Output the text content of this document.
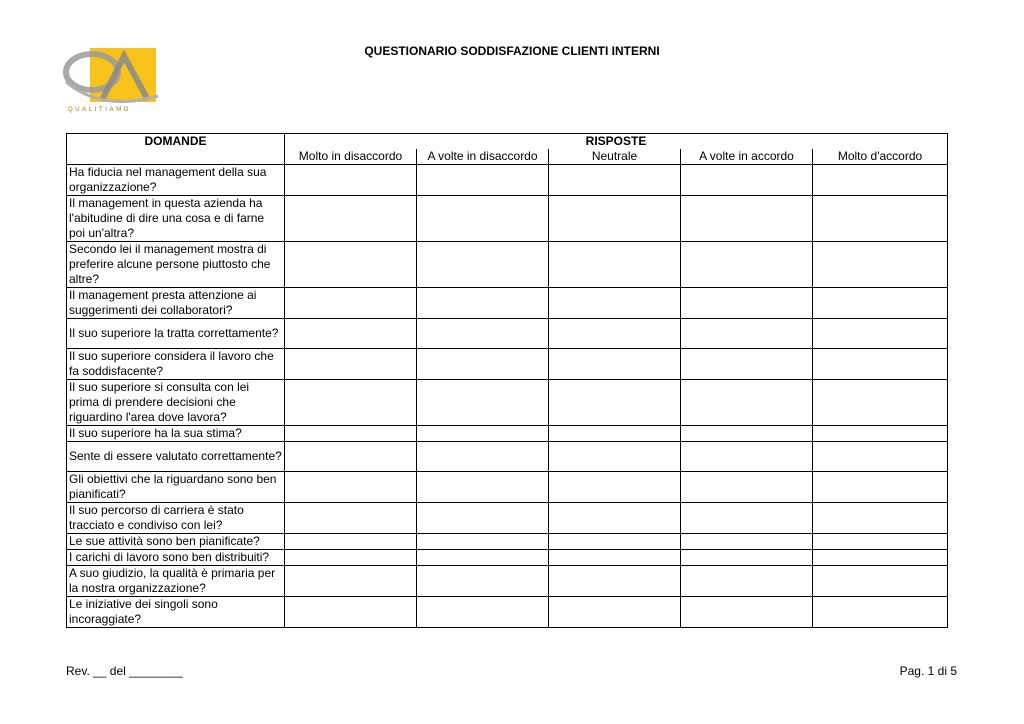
QUALITIAMO
QUESTIONARIO SODDISFAZIONE CLIENTI INTERNI
DOMANDE	RISPOSTE				
	Molto in disaccordo	A volte in disaccordo	Neutrale	A volte in accordo	Molto d'accordo
Ha fiducia nel management della sua organizzazione?					
Il management in questa azienda ha l'abitudine di dire una cosa e di farne poi un'altra?					
Secondo lei il management mostra di preferire alcune persone piuttosto che altre?					
Il management presta attenzione ai suggerimenti dei collaboratori?					
Il suo superiore la tratta correttamente?					
Il suo superiore considera il lavoro che fa soddisfacente?					
Il suo superiore si consulta con lei prima di prendere decisioni che riguardino l'area dove lavora?					
Il suo superiore ha la sua stima?					
Sente di essere valutato correttamente?					
Gli obiettivi che la riguardano sono ben pianificati?					
Il suo percorso di carriera è stato tracciato e condiviso con lei?					
Le sue attività sono ben pianificate?					
I carichi di lavoro sono ben distribuiti?					
A suo giudizio, la qualità è primaria per la nostra organizzazione?					
Le iniziative dei singoli sono incoraggiate?					
Rev. __ del ________	Pag. 1 di 5
